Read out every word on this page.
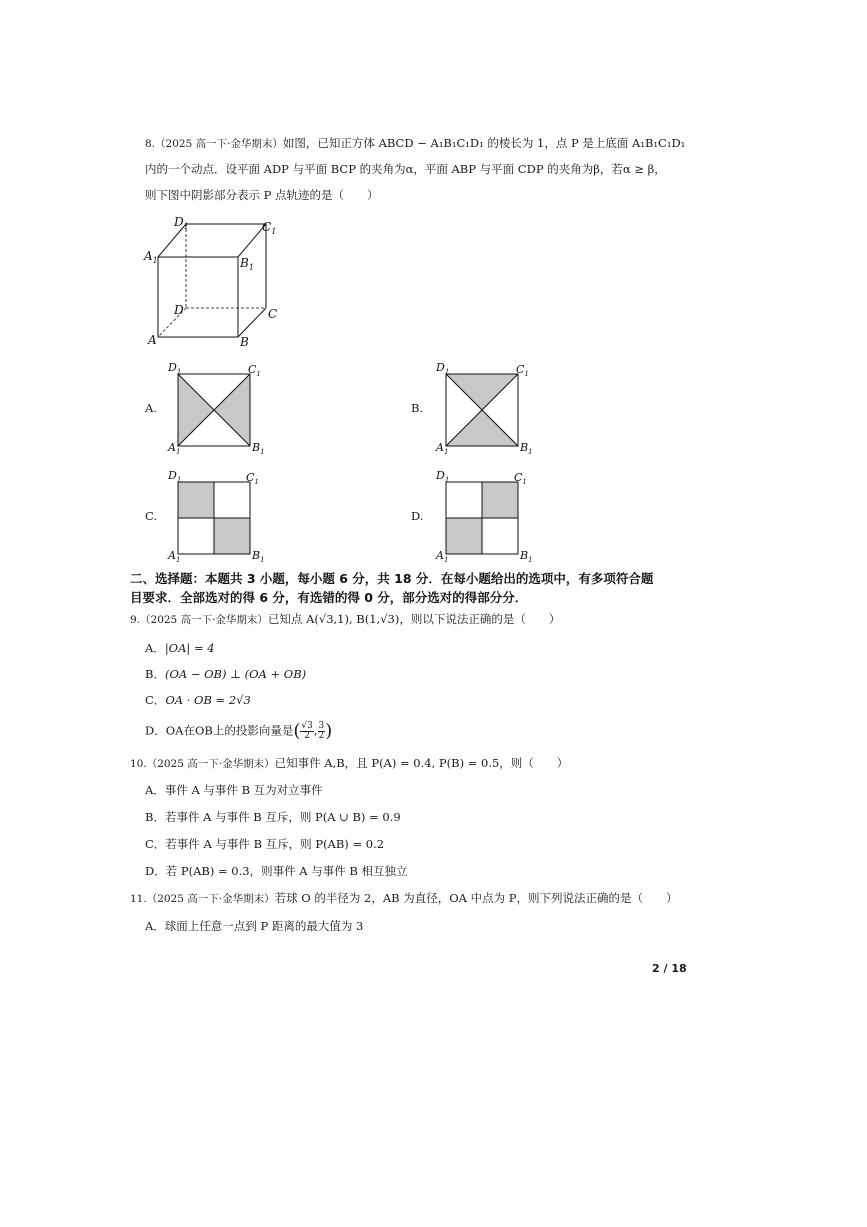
8.（2025 高一下·金华期末）如图，已知正方体 ABCD − A₁B₁C₁D₁ 的棱长为 1，点 P 是上底面 A₁B₁C₁D₁
内的一个动点．设平面 ADP 与平面 BCP 的夹角为α，平面 ABP 与平面 CDP 的夹角为β，若α ≥ β，
则下图中阴影部分表示 P 点轨迹的是（　　）
$D_1$	$C_1$
$A_1$	$B_1$
D	C
A	B
A.
$D_1$	$C_1$
$A_1$	$B_1$
B.
$D_1$	$C_1$
$A_1$	$B_1$
C.
$D_1$	$C_1$
$A_1$	$B_1$
D.
$D_1$	$C_1$
$A_1$	$B_1$
二、选择题：本题共 3 小题，每小题 6 分，共 18 分．在每小题给出的选项中，有多项符合题
目要求．全部选对的得 6 分，有选错的得 0 分，部分选对的得部分分．
9.（2025 高一下·金华期末）已知点 A(√3,1), B(1,√3)，则以下说法正确的是（　　）
A．|OA| = 4
B．(OA − OB) ⊥ (OA + OB)
C．OA · OB = 2√3
D．OA在OB上的投影向量是( $\frac{√3}{2}$ , $\frac{3}{2}$ )
10.（2025 高一下·金华期末）已知事件 A,B，且 P(A) = 0.4, P(B) = 0.5，则（　　）
A．事件 A 与事件 B 互为对立事件
B．若事件 A 与事件 B 互斥，则 P(A ∪ B) = 0.9
C．若事件 A 与事件 B 互斥，则 P(AB) = 0.2
D．若 P(AB) = 0.3，则事件 A 与事件 B 相互独立
11.（2025 高一下·金华期末）若球 O 的半径为 2，AB 为直径，OA 中点为 P，则下列说法正确的是（　　）
A．球面上任意一点到 P 距离的最大值为 3
2 / 18
